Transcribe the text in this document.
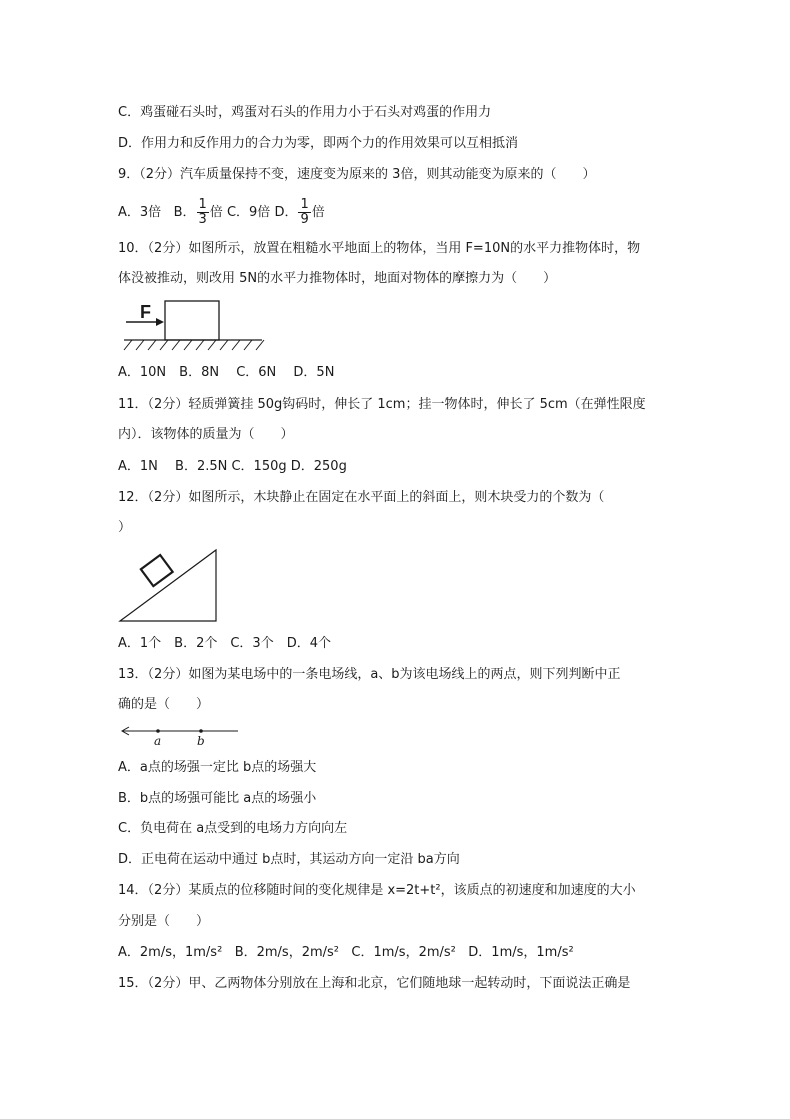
C．鸡蛋碰石头时，鸡蛋对石头的作用力小于石头对鸡蛋的作用力
D．作用力和反作用力的合力为零，即两个力的作用效果可以互相抵消
9．（2分）汽车质量保持不变，速度变为原来的 3倍，则其动能变为原来的（　　）
A．3倍 B． $\frac{1}{3}$ 倍 C．9倍 D． $\frac{1}{9}$ 倍
10．（2分）如图所示，放置在粗糙水平地面上的物体，当用 F=10N的水平力推物体时，物
体没被推动，则改用 5N的水平力推物体时，地面对物体的摩擦力为（　　）
F
A．10N　B．8N　 C．6N　 D．5N
11．（2分）轻质弹簧挂 50g钩码时，伸长了 1cm；挂一物体时，伸长了 5cm（在弹性限度
内）．该物体的质量为（　　）
A．1N　 B．2.5N C．150g D．250g
12．（2分）如图所示，木块静止在固定在水平面上的斜面上，则木块受力的个数为（
）
A．1个　B．2个　C．3个　D．4个
13．（2分）如图为某电场中的一条电场线，a、b为该电场线上的两点，则下列判断中正
确的是（　　）
a	b
A．a点的场强一定比 b点的场强大
B．b点的场强可能比 a点的场强小
C．负电荷在 a点受到的电场力方向向左
D．正电荷在运动中通过 b点时，其运动方向一定沿 ba方向
14．（2分）某质点的位移随时间的变化规律是 x=2t+t²，该质点的初速度和加速度的大小
分别是（　　）
A．2m/s，1m/s² B．2m/s，2m/s² C．1m/s，2m/s² D．1m/s，1m/s²
15．（2分）甲、乙两物体分别放在上海和北京，它们随地球一起转动时，下面说法正确是
